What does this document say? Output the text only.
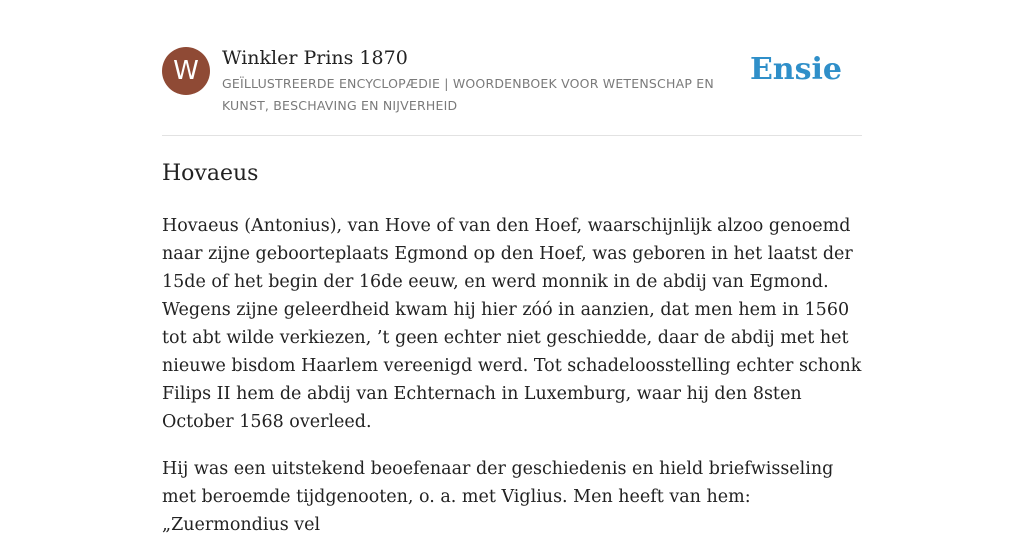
W	Winkler Prins 1870
GEÏLLUSTREERDE ENCYCLOPÆDIE | WOORDENBOEK VOOR WETENSCHAP EN KUNST, BESCHAVING EN NIJVERHEID
Ensie
Hovaeus

Hovaeus (Antonius), van Hove of van den Hoef, waarschijnlijk alzoo genoemd naar zijne geboorteplaats Egmond op den Hoef, was geboren in het laatst der 15de of het begin der 16de eeuw, en werd monnik in de abdij van Egmond. Wegens zijne geleerdheid kwam hij hier zóó in aanzien, dat men hem in 1560 tot abt wilde verkiezen, ’t geen echter niet geschiedde, daar de abdij met het nieuwe bisdom Haarlem vereenigd werd. Tot schadeloosstelling echter schonk Filips II hem de abdij van Echternach in Luxemburg, waar hij den 8sten October 1568 overleed.

Hij was een uitstekend beoefenaar der geschiedenis en hield briefwisseling met beroemde tijdgenooten, o. a. met Viglius. Men heeft van hem: „Zuermondius vel
